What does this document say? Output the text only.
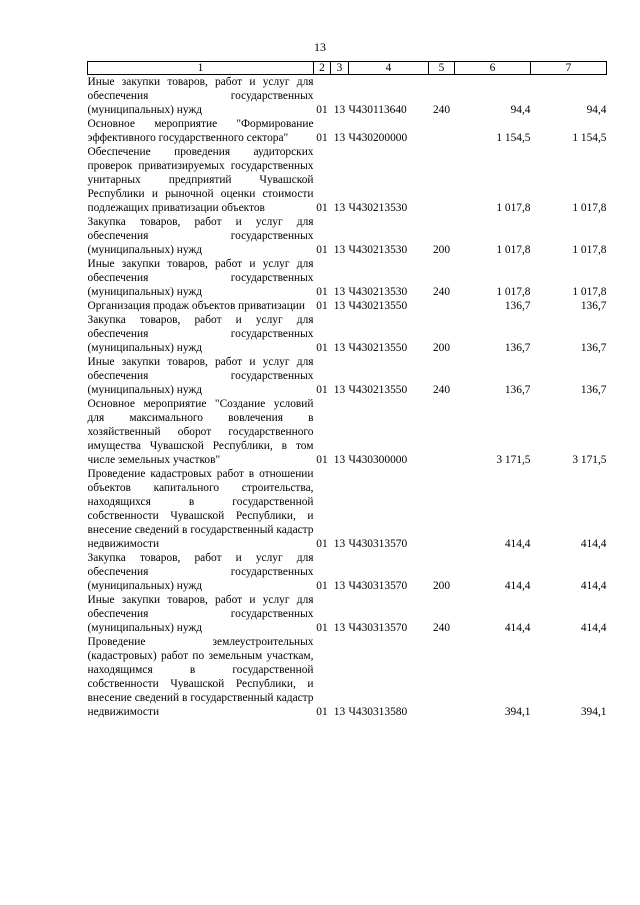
13
1	2	3	4	5	6	7
Иные закупки товаров, работ и услуг для обеспечения государственных (муниципальных) нужд	01	13	Ч430113640	240	94,4	94,4
Основное мероприятие "Формирование эффективного государственного сектора"	01	13	Ч430200000		1 154,5	1 154,5
Обеспечение проведения аудиторских проверок приватизируемых государственных унитарных предприятий Чувашской Республики и рыночной оценки стоимости подлежащих приватизации объектов	01	13	Ч430213530		1 017,8	1 017,8
Закупка товаров, работ и услуг для обеспечения государственных (муниципальных) нужд	01	13	Ч430213530	200	1 017,8	1 017,8
Иные закупки товаров, работ и услуг для обеспечения государственных (муниципальных) нужд	01	13	Ч430213530	240	1 017,8	1 017,8
Организация продаж объектов приватизации	01	13	Ч430213550		136,7	136,7
Закупка товаров, работ и услуг для обеспечения государственных (муниципальных) нужд	01	13	Ч430213550	200	136,7	136,7
Иные закупки товаров, работ и услуг для обеспечения государственных (муниципальных) нужд	01	13	Ч430213550	240	136,7	136,7
Основное мероприятие "Создание условий для максимального вовлечения в хозяйственный оборот государственного имущества Чувашской Республики, в том числе земельных участков"	01	13	Ч430300000		3 171,5	3 171,5
Проведение кадастровых работ в отношении объектов капитального строительства, находящихся в государственной собственности Чувашской Республики, и внесение сведений в государственный кадастр недвижимости	01	13	Ч430313570		414,4	414,4
Закупка товаров, работ и услуг для обеспечения государственных (муниципальных) нужд	01	13	Ч430313570	200	414,4	414,4
Иные закупки товаров, работ и услуг для обеспечения государственных (муниципальных) нужд	01	13	Ч430313570	240	414,4	414,4
Проведение землеустроительных (кадастровых) работ по земельным участкам, находящимся в государственной собственности Чувашской Республики, и внесение сведений в государственный кадастр недвижимости	01	13	Ч430313580		394,1	394,1
